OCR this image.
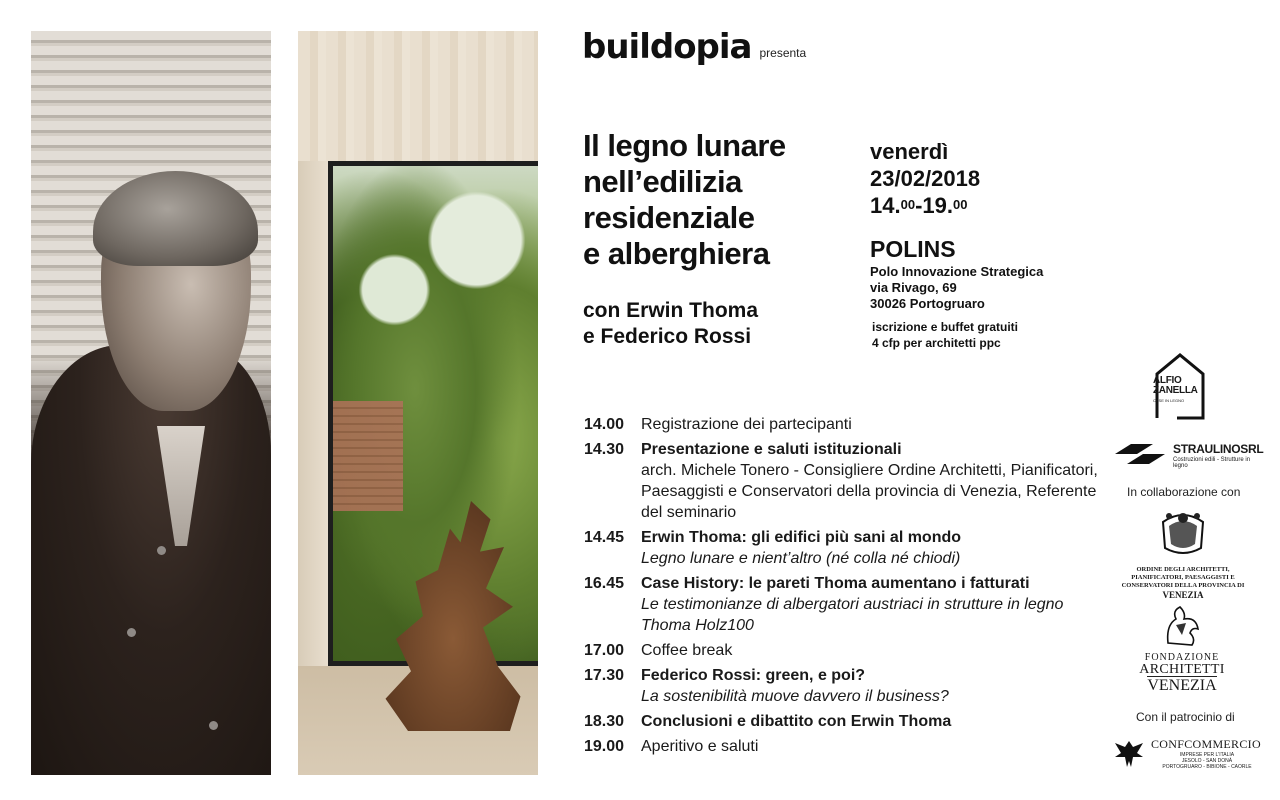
buildopia presenta
Il legno lunare
nell’edilizia
residenziale
e alberghiera
con Erwin Thoma
e Federico Rossi
venerdì
23/02/2018
14.00-19.00
POLINS
Polo Innovazione Strategica
via Rivago, 69
30026 Portogruaro
iscrizione e buffet gratuiti
4 cfp per architetti ppc
14.00	Registrazione dei partecipanti
14.30	Presentazione e saluti istituzionali
arch. Michele Tonero - Consigliere Ordine Architetti, Pianificatori, Paesaggisti e Conservatori della provincia di Venezia, Referente del seminario
14.45	Erwin Thoma: gli edifici più sani al mondo
Legno lunare e nient’altro (né colla né chiodi)
16.45	Case History: le pareti Thoma aumentano i fatturati
Le testimonianze di albergatori austriaci in strutture in legno Thoma Holz100
17.00	Coffee break
17.30	Federico Rossi: green, e poi?
La sostenibilità muove davvero il business?
18.30	Conclusioni e dibattito con Erwin Thoma
19.00	Aperitivo e saluti
ALFIO
ZANELLA
CASE IN LEGNO
STRAULINOSRL
Costruzioni edili - Strutture in legno
In collaborazione con
ORDINE DEGLI ARCHITETTI, PIANIFICATORI, PAESAGGISTI E CONSERVATORI DELLA PROVINCIA DI
VENEZIA
FONDAZIONE
ARCHITETTI
VENEZIA
Con il patrocinio di
CONFCOMMERCIO
IMPRESE PER L'ITALIA
JESOLO - SAN DONÀ
PORTOGRUARO - BIBIONE - CAORLE
